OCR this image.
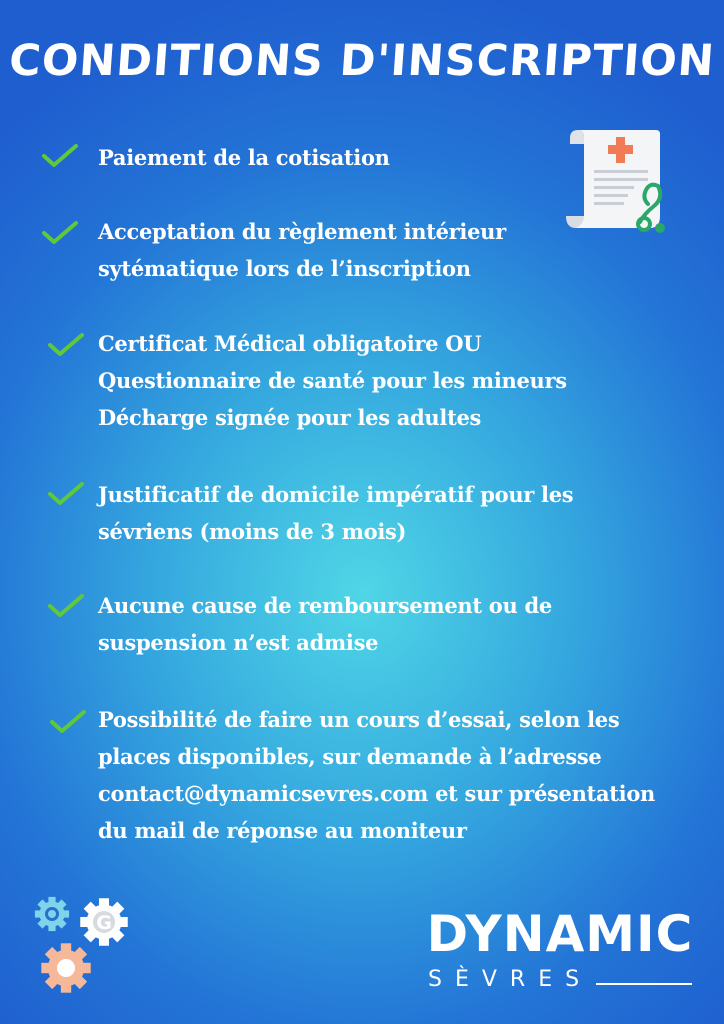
CONDITIONS D'INSCRIPTION
Paiement de la cotisation
Acceptation du règlement intérieur
sytématique lors de l’inscription
Certificat Médical obligatoire OU
Questionnaire de santé pour les mineurs
Décharge signée pour les adultes
Justificatif de domicile impératif pour les
sévriens (moins de 3 mois)
Aucune cause de remboursement ou de
suspension n’est admise
Possibilité de faire un cours d’essai, selon les
places disponibles, sur demande à l’adresse
contact@dynamicsevres.com et sur présentation
du mail de réponse au moniteur
G	DYNAMIC
SÈVRES
